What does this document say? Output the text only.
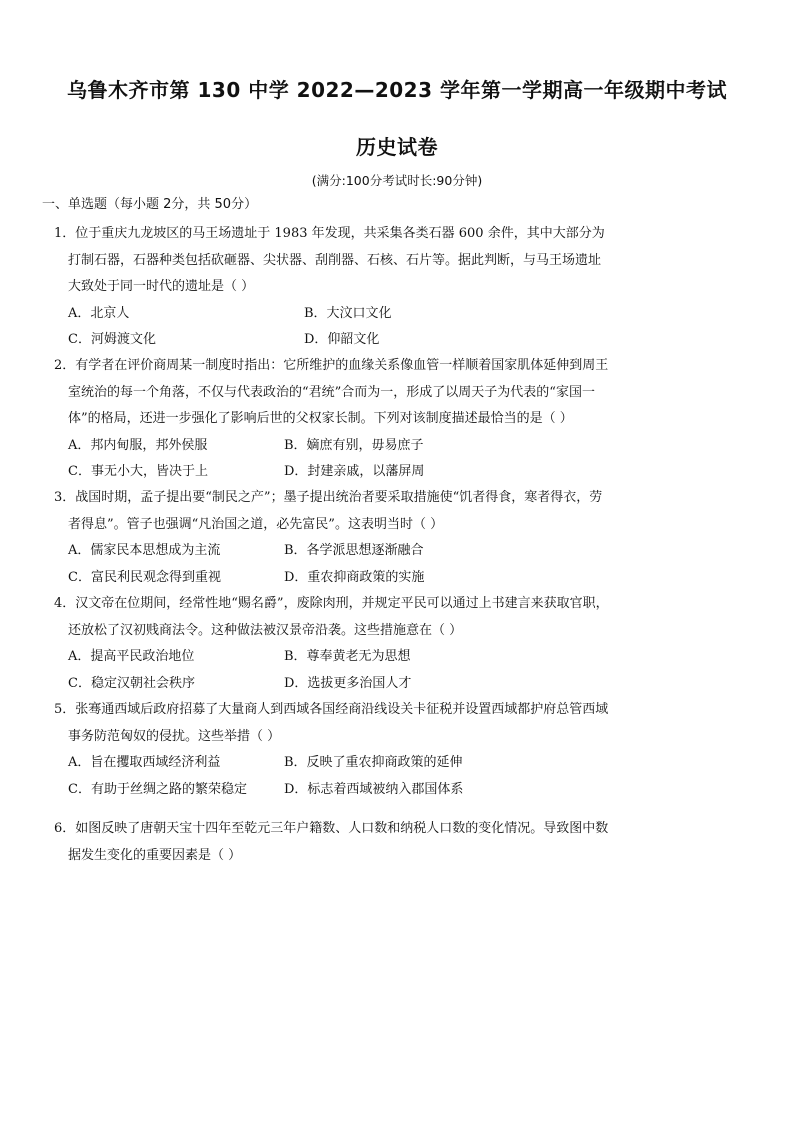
乌鲁木齐市第 130 中学 2022—2023 学年第一学期高一年级期中考试
历史试卷
(满分:100分考试时长:90分钟)
一、单选题（每小题 2分，共 50分）

1．位于重庆九龙坡区的马王场遗址于 1983 年发现，共采集各类石器 600 余件，其中大部分为打制石器，石器种类包括砍砸器、尖状器、刮削器、石核、石片等。据此判断，与马王场遗址大致处于同一时代的遗址是（ ）

A．北京人	B．大汶口文化
C．河姆渡文化	D．仰韶文化

2．有学者在评价商周某一制度时指出：它所维护的血缘关系像血管一样顺着国家肌体延伸到周王室统治的每一个角落，不仅与代表政治的“君统”合而为一，形成了以周天子为代表的“家国一体”的格局，还进一步强化了影响后世的父权家长制。下列对该制度描述最恰当的是（ ）

A．邦内甸服，邦外侯服	B．嫡庶有别，毋易庶子
C．事无小大，皆决于上	D．封建亲戚，以藩屏周

3．战国时期，孟子提出要“制民之产”；墨子提出统治者要采取措施使“饥者得食，寒者得衣，劳者得息”。管子也强调“凡治国之道，必先富民”。这表明当时（ ）

A．儒家民本思想成为主流	B．各学派思想逐渐融合
C．富民利民观念得到重视	D．重农抑商政策的实施

4．汉文帝在位期间，经常性地“赐名爵”，废除肉刑，并规定平民可以通过上书建言来获取官职，还放松了汉初贱商法令。这种做法被汉景帝沿袭。这些措施意在（ ）

A．提高平民政治地位	B．尊奉黄老无为思想
C．稳定汉朝社会秩序	D．选拔更多治国人才

5．张骞通西域后政府招募了大量商人到西域各国经商沿线设关卡征税并设置西域都护府总管西域事务防范匈奴的侵扰。这些举措（ ）

A．旨在攫取西域经济利益	B．反映了重农抑商政策的延伸
C．有助于丝绸之路的繁荣稳定	D．标志着西域被纳入郡国体系

6．如图反映了唐朝天宝十四年至乾元三年户籍数、人口数和纳税人口数的变化情况。导致图中数据发生变化的重要因素是（ ）
